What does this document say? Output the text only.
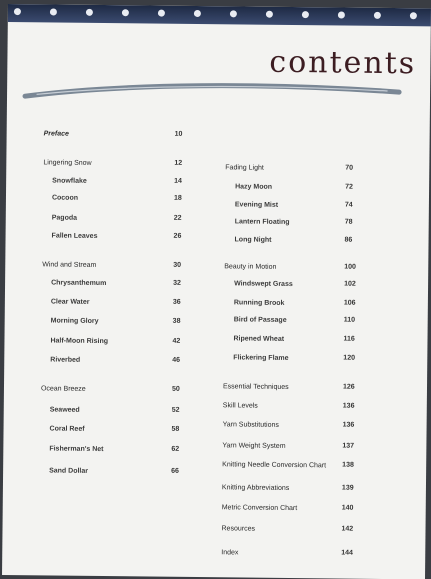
contents
Preface	10
Lingering Snow	12
Snowflake	14
Cocoon	18
Pagoda	22
Fallen Leaves	26
Wind and Stream	30
Chrysanthemum	32
Clear Water	36
Morning Glory	38
Half-Moon Rising	42
Riverbed	46
Ocean Breeze	50
Seaweed	52
Coral Reef	58
Fisherman's Net	62
Sand Dollar	66
Fading Light	70
Hazy Moon	72
Evening Mist	74
Lantern Floating	78
Long Night	86
Beauty in Motion	100
Windswept Grass	102
Running Brook	106
Bird of Passage	110
Ripened Wheat	116
Flickering Flame	120
Essential Techniques	126
Skill Levels	136
Yarn Substitutions	136
Yarn Weight System	137
Knitting Needle Conversion Chart 138
Knitting Abbreviations	139
Metric Conversion Chart	140
Resources	142
Index	144
